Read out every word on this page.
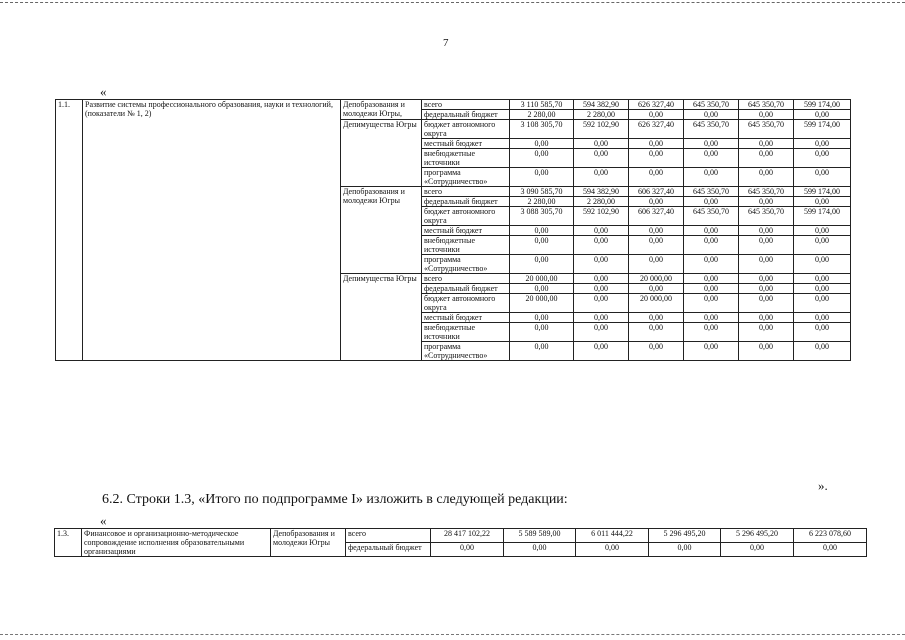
7
«
1.1.	Развитие системы профессионального образования, науки и технологий, (показатели № 1, 2)	Депобразования и молодежи Югры,	всего	3 110 585,70	594 382,90	626 327,40	645 350,70	645 350,70	599 174,00
			федеральный бюджет	2 280,00	2 280,00	0,00	0,00	0,00	0,00
		Депимущества Югры	бюджет автономного округа	3 108 305,70	592 102,90	626 327,40	645 350,70	645 350,70	599 174,00
			местный бюджет	0,00	0,00	0,00	0,00	0,00	0,00
			внебюджетные источники	0,00	0,00	0,00	0,00	0,00	0,00
			программа «Сотрудничество»	0,00	0,00	0,00	0,00	0,00	0,00
		Депобразования и молодежи Югры	всего	3 090 585,70	594 382,90	606 327,40	645 350,70	645 350,70	599 174,00
			федеральный бюджет	2 280,00	2 280,00	0,00	0,00	0,00	0,00
			бюджет автономного округа	3 088 305,70	592 102,90	606 327,40	645 350,70	645 350,70	599 174,00
			местный бюджет	0,00	0,00	0,00	0,00	0,00	0,00
			внебюджетные источники	0,00	0,00	0,00	0,00	0,00	0,00
			программа «Сотрудничество»	0,00	0,00	0,00	0,00	0,00	0,00
		Депимущества Югры	всего	20 000,00	0,00	20 000,00	0,00	0,00	0,00
			федеральный бюджет	0,00	0,00	0,00	0,00	0,00	0,00
			бюджет автономного округа	20 000,00	0,00	20 000,00	0,00	0,00	0,00
			местный бюджет	0,00	0,00	0,00	0,00	0,00	0,00
			внебюджетные источники	0,00	0,00	0,00	0,00	0,00	0,00
			программа «Сотрудничество»	0,00	0,00	0,00	0,00	0,00	0,00
».
6.2. Строки 1.3, «Итого по подпрограмме I» изложить в следующей редакции:
«
1.3.	Финансовое и организационно-методическое сопровождение исполнения образовательными организациями	Депобразования и молодежи Югры	всего	28 417 102,22	5 589 589,00	6 011 444,22	5 296 495,20	5 296 495,20	6 223 078,60
			федеральный бюджет	0,00	0,00	0,00	0,00	0,00	0,00
